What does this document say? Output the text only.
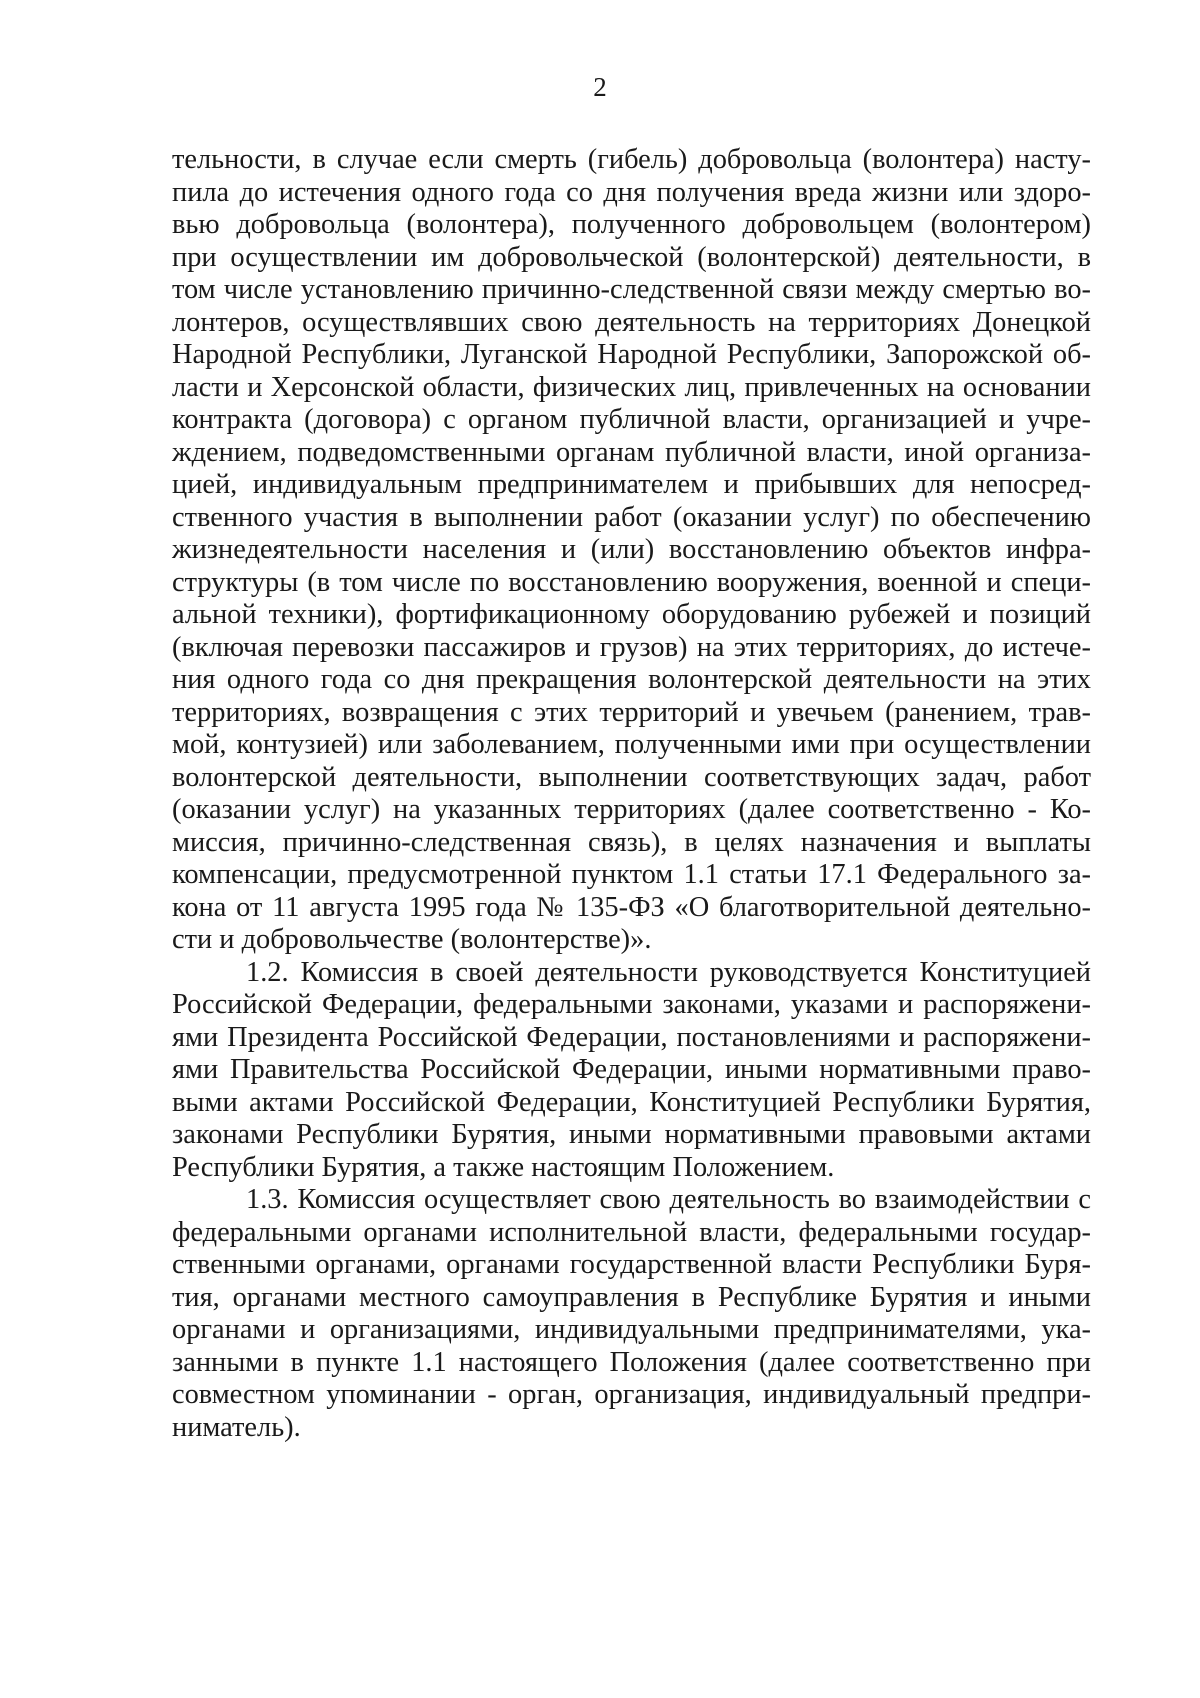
2
тельности, в случае если смерть (гибель) добровольца (волонтера) насту-
пила до истечения одного года со дня получения вреда жизни или здоро-
вью добровольца (волонтера), полученного добровольцем (волонтером)
при осуществлении им добровольческой (волонтерской) деятельности, в
том числе установлению причинно-следственной связи между смертью во-
лонтеров, осуществлявших свою деятельность на территориях Донецкой
Народной Республики, Луганской Народной Республики, Запорожской об-
ласти и Херсонской области, физических лиц, привлеченных на основании
контракта (договора) с органом публичной власти, организацией и учре-
ждением, подведомственными органам публичной власти, иной организа-
цией, индивидуальным предпринимателем и прибывших для непосред-
ственного участия в выполнении работ (оказании услуг) по обеспечению
жизнедеятельности населения и (или) восстановлению объектов инфра-
структуры (в том числе по восстановлению вооружения, военной и специ-
альной техники), фортификационному оборудованию рубежей и позиций
(включая перевозки пассажиров и грузов) на этих территориях, до истече-
ния одного года со дня прекращения волонтерской деятельности на этих
территориях, возвращения с этих территорий и увечьем (ранением, трав-
мой, контузией) или заболеванием, полученными ими при осуществлении
волонтерской деятельности, выполнении соответствующих задач, работ
(оказании услуг) на указанных территориях (далее соответственно - Ко-
миссия, причинно-следственная связь), в целях назначения и выплаты
компенсации, предусмотренной пунктом 1.1 статьи 17.1 Федерального за-
кона от 11 августа 1995 года № 135-ФЗ «О благотворительной деятельно-
сти и добровольчестве (волонтерстве)».
1.2. Комиссия в своей деятельности руководствуется Конституцией
Российской Федерации, федеральными законами, указами и распоряжени-
ями Президента Российской Федерации, постановлениями и распоряжени-
ями Правительства Российской Федерации, иными нормативными право-
выми актами Российской Федерации, Конституцией Республики Бурятия,
законами Республики Бурятия, иными нормативными правовыми актами
Республики Бурятия, а также настоящим Положением.
1.3. Комиссия осуществляет свою деятельность во взаимодействии с
федеральными органами исполнительной власти, федеральными государ-
ственными органами, органами государственной власти Республики Буря-
тия, органами местного самоуправления в Республике Бурятия и иными
органами и организациями, индивидуальными предпринимателями, ука-
занными в пункте 1.1 настоящего Положения (далее соответственно при
совместном упоминании - орган, организация, индивидуальный предпри-
ниматель).
